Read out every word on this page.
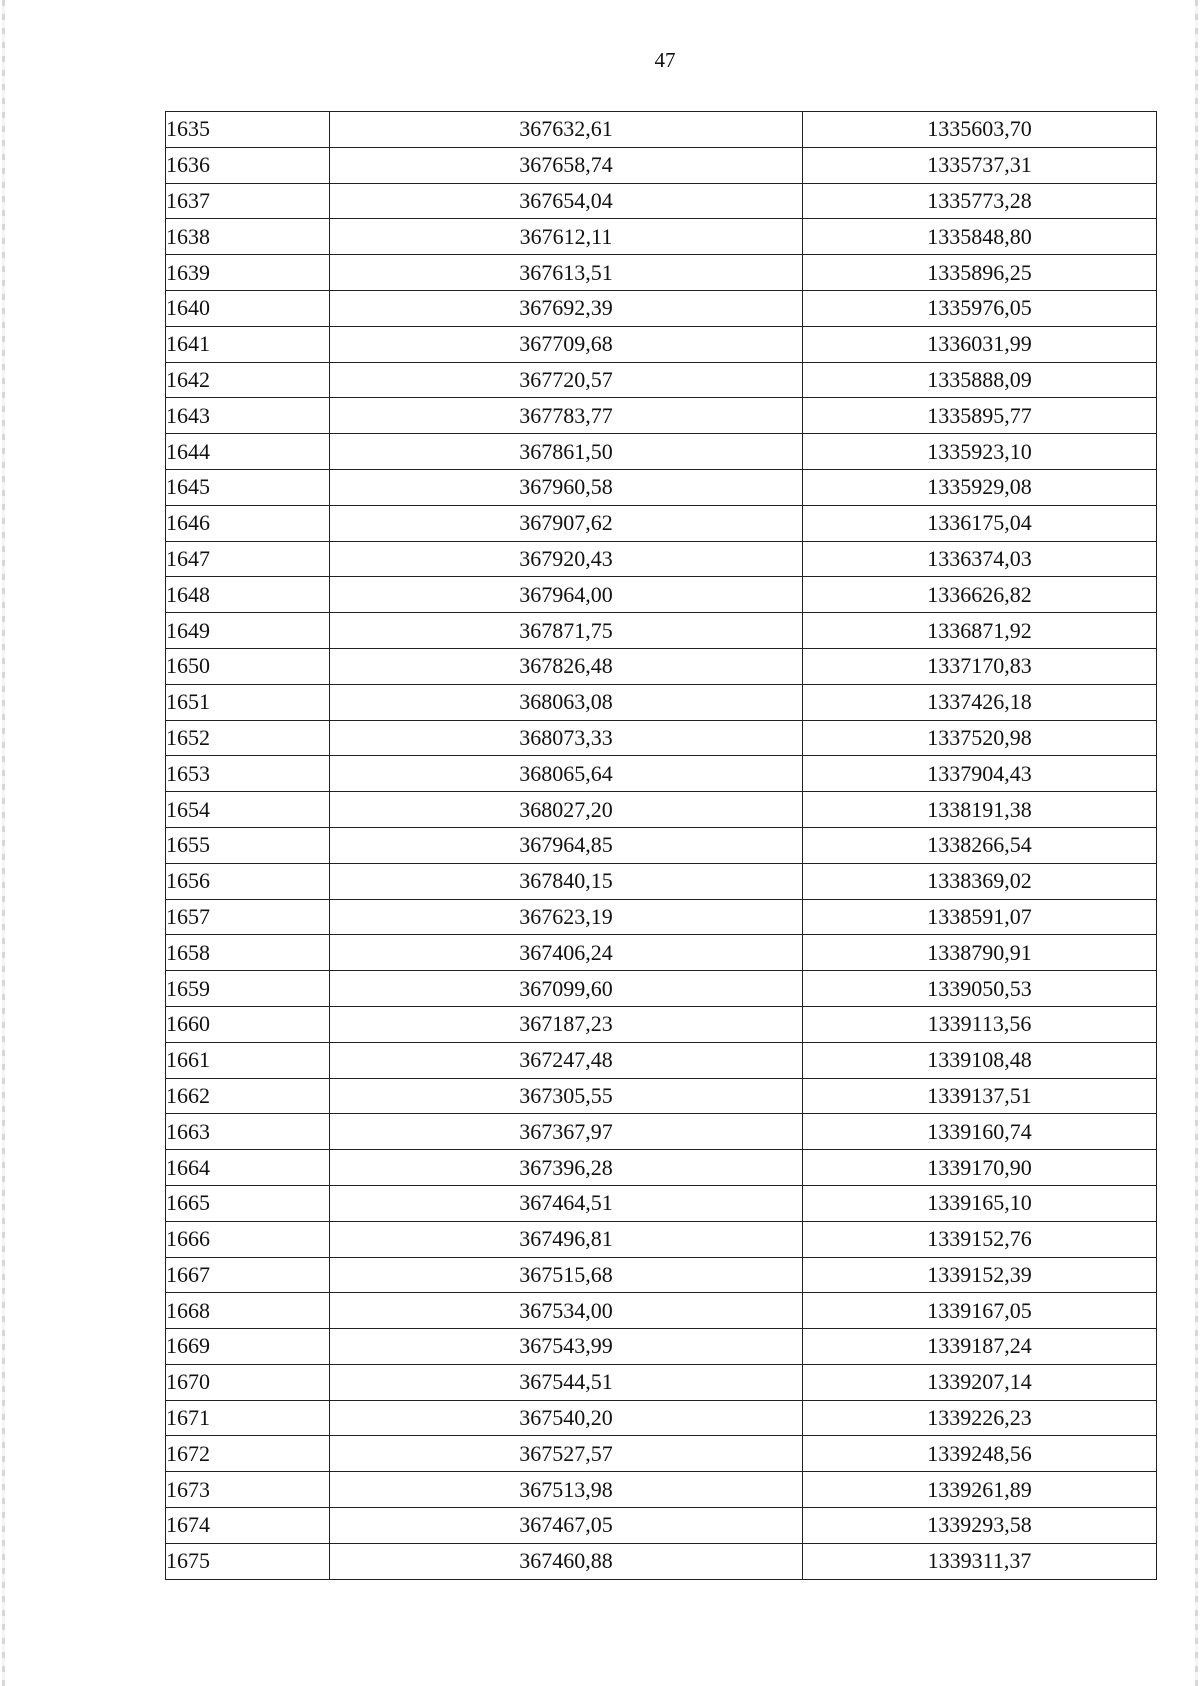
47
1635	367632,61	1335603,70
1636	367658,74	1335737,31
1637	367654,04	1335773,28
1638	367612,11	1335848,80
1639	367613,51	1335896,25
1640	367692,39	1335976,05
1641	367709,68	1336031,99
1642	367720,57	1335888,09
1643	367783,77	1335895,77
1644	367861,50	1335923,10
1645	367960,58	1335929,08
1646	367907,62	1336175,04
1647	367920,43	1336374,03
1648	367964,00	1336626,82
1649	367871,75	1336871,92
1650	367826,48	1337170,83
1651	368063,08	1337426,18
1652	368073,33	1337520,98
1653	368065,64	1337904,43
1654	368027,20	1338191,38
1655	367964,85	1338266,54
1656	367840,15	1338369,02
1657	367623,19	1338591,07
1658	367406,24	1338790,91
1659	367099,60	1339050,53
1660	367187,23	1339113,56
1661	367247,48	1339108,48
1662	367305,55	1339137,51
1663	367367,97	1339160,74
1664	367396,28	1339170,90
1665	367464,51	1339165,10
1666	367496,81	1339152,76
1667	367515,68	1339152,39
1668	367534,00	1339167,05
1669	367543,99	1339187,24
1670	367544,51	1339207,14
1671	367540,20	1339226,23
1672	367527,57	1339248,56
1673	367513,98	1339261,89
1674	367467,05	1339293,58
1675	367460,88	1339311,37
